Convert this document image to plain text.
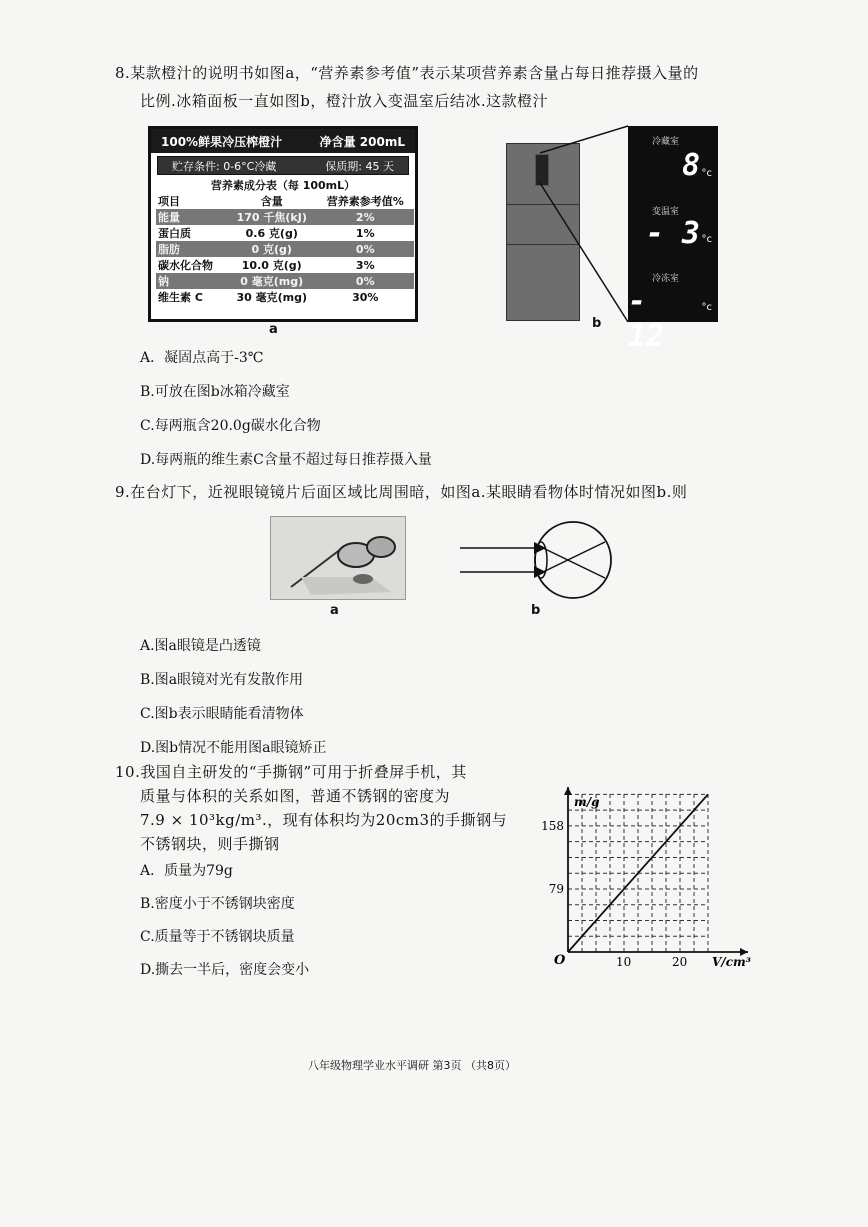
8.某款橙汁的说明书如图a，“营养素参考值”表示某项营养素含量占每日推荐摄入量的
比例.冰箱面板一直如图b，橙汁放入变温室后结冰.这款橙汁
100%鲜果冷压榨橙汁	净含量 200mL
贮存条件: 0-6°C冷藏	保质期: 45 天
营养素成分表（每 100mL）
项目	含量	营养素参考值%
能量	170 千焦(kJ)	2%
蛋白质	0.6 克(g)	1%
脂肪	0 克(g)	0%
碳水化合物	10.0 克(g)	3%
钠	0 毫克(mg)	0%
维生素 C	30 毫克(mg)	30%
a
冷藏室
8 °c
变温室
- 3 °c
冷冻室
- 12
°c
b
A．凝固点高于-3℃
B.可放在图b冰箱冷藏室
C.每两瓶含20.0g碳水化合物
D.每两瓶的维生素C含量不超过每日推荐摄入量
9.在台灯下，近视眼镜镜片后面区域比周围暗，如图a.某眼睛看物体时情况如图b.则
a	b
A.图a眼镜是凸透镜
B.图a眼镜对光有发散作用
C.图b表示眼睛能看清物体
D.图b情况不能用图a眼镜矫正
10.我国自主研发的“手撕钢”可用于折叠屏手机，其
质量与体积的关系如图，普通不锈钢的密度为
7.9 × 10³kg/m³.，现有体积均为20cm3的手撕钢与
不锈钢块，则手撕钢
A．质量为79g
B.密度小于不锈钢块密度
C.质量等于不锈钢块质量
D.撕去一半后，密度会变小
O
m/g
V/cm³
10	20
79
158
八年级物理学业水平调研 第3页 （共8页）
